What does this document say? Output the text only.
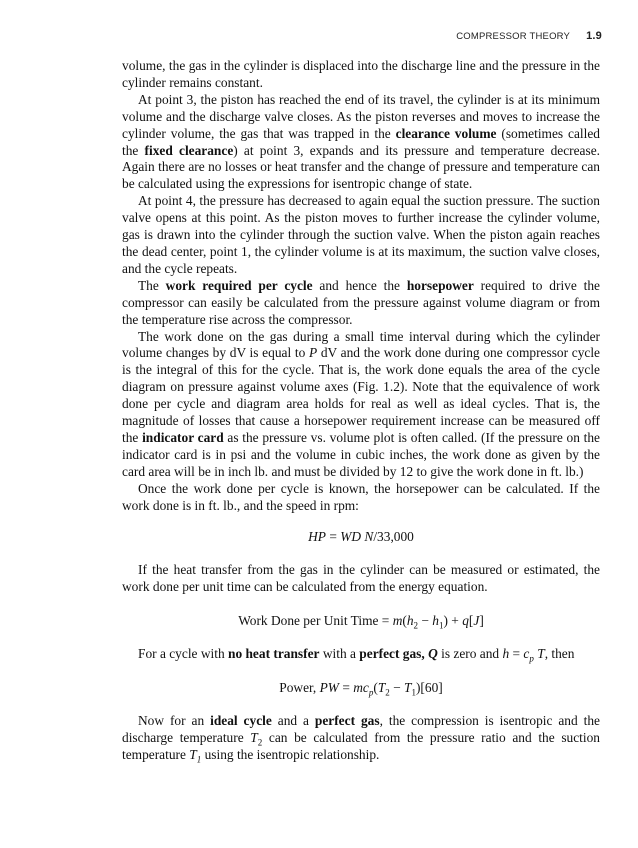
COMPRESSOR THEORY 1.9

volume, the gas in the cylinder is displaced into the discharge line and the pressure in the cylinder remains constant.

At point 3, the piston has reached the end of its travel, the cylinder is at its minimum volume and the discharge valve closes. As the piston reverses and moves to increase the cylinder volume, the gas that was trapped in the clearance volume (sometimes called the fixed clearance) at point 3, expands and its pressure and temperature decrease. Again there are no losses or heat transfer and the change of pressure and temperature can be calculated using the expressions for isentropic change of state.

At point 4, the pressure has decreased to again equal the suction pressure. The suction valve opens at this point. As the piston moves to further increase the cylinder volume, gas is drawn into the cylinder through the suction valve. When the piston again reaches the dead center, point 1, the cylinder volume is at its maximum, the suction valve closes, and the cycle repeats.

The work required per cycle and hence the horsepower required to drive the compressor can easily be calculated from the pressure against volume diagram or from the temperature rise across the compressor.

The work done on the gas during a small time interval during which the cylinder volume changes by dV is equal to P dV and the work done during one compressor cycle is the integral of this for the cycle. That is, the work done equals the area of the cycle diagram on pressure against volume axes (Fig. 1.2). Note that the equivalence of work done per cycle and diagram area holds for real as well as ideal cycles. That is, the magnitude of losses that cause a horsepower requirement increase can be measured off the indicator card as the pressure vs. volume plot is often called. (If the pressure on the indicator card is in psi and the volume in cubic inches, the work done as given by the card area will be in inch lb. and must be divided by 12 to give the work done in ft. lb.)

Once the work done per cycle is known, the horsepower can be calculated. If the work done is in ft. lb., and the speed in rpm:

HP = WD N/33,000

If the heat transfer from the gas in the cylinder can be measured or estimated, the work done per unit time can be calculated from the energy equation.

Work Done per Unit Time = $m(h_2 - h_1) + q[J]$

For a cycle with no heat transfer with a perfect gas, Q is zero and $h = c_p$ T, then

Power, PW = $mc_p(T_2 - T_1)[60]$

Now for an ideal cycle and a perfect gas, the compression is isentropic and the discharge temperature $T_2$ can be calculated from the pressure ratio and the suction temperature $T_1$ using the isentropic relationship.
